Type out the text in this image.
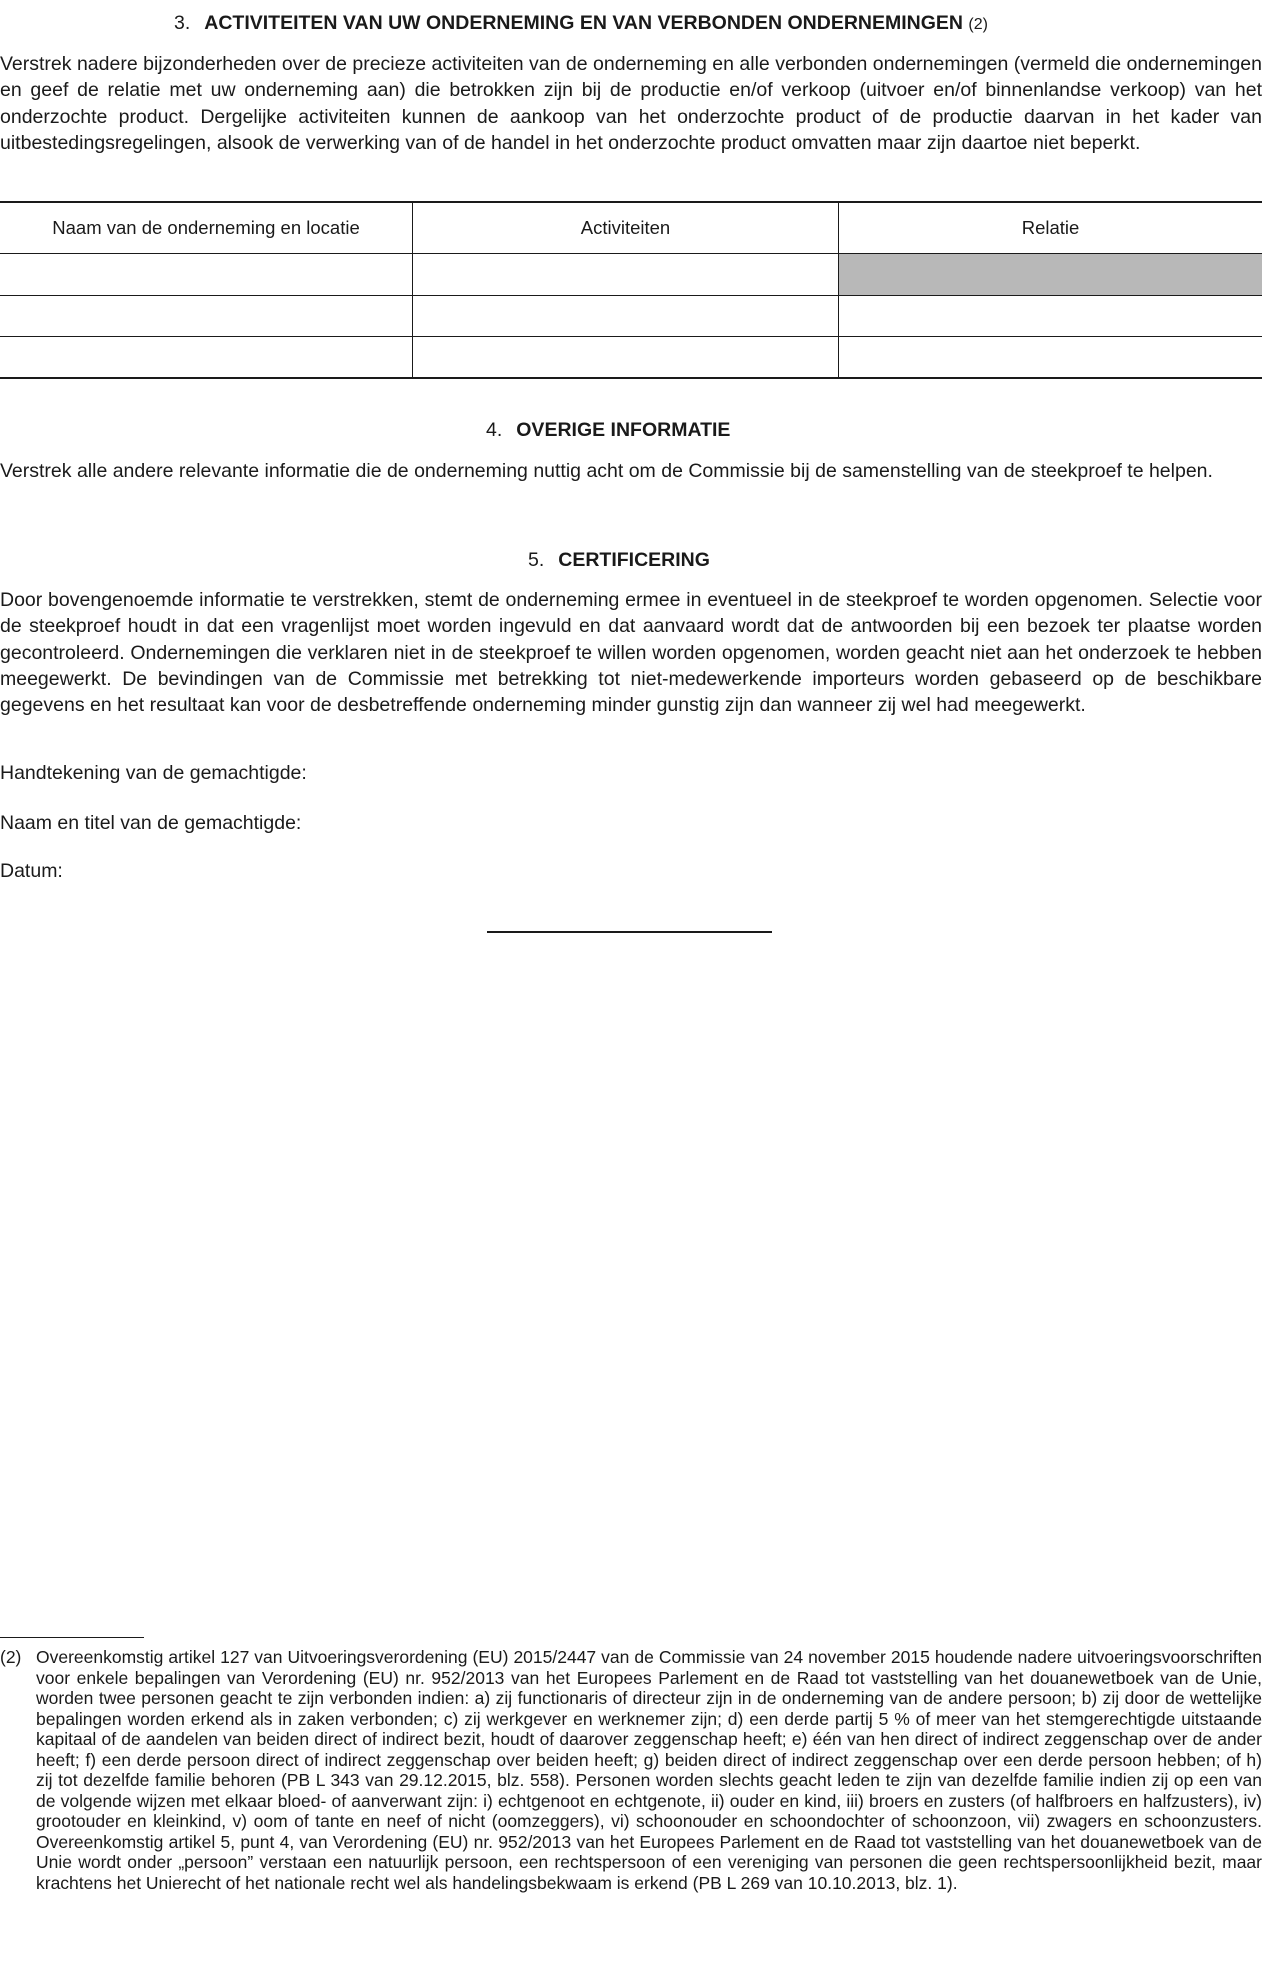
3. ACTIVITEITEN VAN UW ONDERNEMING EN VAN VERBONDEN ONDERNEMINGEN (2)

Verstrek nadere bijzonderheden over de precieze activiteiten van de onderneming en alle verbonden ondernemingen (vermeld die ondernemingen en geef de relatie met uw onderneming aan) die betrokken zijn bij de productie en/of verkoop (uitvoer en/of binnenlandse verkoop) van het onderzochte product. Dergelijke activiteiten kunnen de aankoop van het onderzochte product of de productie daarvan in het kader van uitbestedingsregelingen, alsook de verwerking van of de handel in het onderzochte product omvatten maar zijn daartoe niet beperkt.

Naam van de onderneming en locatie	Activiteiten	Relatie
4. OVERIGE INFORMATIE

Verstrek alle andere relevante informatie die de onderneming nuttig acht om de Commissie bij de samenstelling van de steekproef te helpen.

5. CERTIFICERING

Door bovengenoemde informatie te verstrekken, stemt de onderneming ermee in eventueel in de steekproef te worden opgenomen. Selectie voor de steekproef houdt in dat een vragenlijst moet worden ingevuld en dat aanvaard wordt dat de antwoorden bij een bezoek ter plaatse worden gecontroleerd. Ondernemingen die verklaren niet in de steekproef te willen worden opgenomen, worden geacht niet aan het onderzoek te hebben meegewerkt. De bevindingen van de Commissie met betrekking tot niet-medewerkende importeurs worden gebaseerd op de beschikbare gegevens en het resultaat kan voor de desbetreffende onderneming minder gunstig zijn dan wanneer zij wel had meegewerkt.

Handtekening van de gemachtigde:
Naam en titel van de gemachtigde:
Datum:
(2) Overeenkomstig artikel 127 van Uitvoeringsverordening (EU) 2015/2447 van de Commissie van 24 november 2015 houdende nadere uitvoeringsvoorschriften voor enkele bepalingen van Verordening (EU) nr. 952/2013 van het Europees Parlement en de Raad tot vaststelling van het douanewetboek van de Unie, worden twee personen geacht te zijn verbonden indien: a) zij functionaris of directeur zijn in de onderneming van de andere persoon; b) zij door de wettelijke bepalingen worden erkend als in zaken verbonden; c) zij werkgever en werknemer zijn; d) een derde partij 5 % of meer van het stemgerechtigde uitstaande kapitaal of de aandelen van beiden direct of indirect bezit, houdt of daarover zeggenschap heeft; e) één van hen direct of indirect zeggenschap over de ander heeft; f) een derde persoon direct of indirect zeggenschap over beiden heeft; g) beiden direct of indirect zeggenschap over een derde persoon hebben; of h) zij tot dezelfde familie behoren (PB L 343 van 29.12.2015, blz. 558). Personen worden slechts geacht leden te zijn van dezelfde familie indien zij op een van de volgende wijzen met elkaar bloed- of aanverwant zijn: i) echtgenoot en echtgenote, ii) ouder en kind, iii) broers en zusters (of halfbroers en halfzusters), iv) grootouder en kleinkind, v) oom of tante en neef of nicht (oomzeggers), vi) schoonouder en schoondochter of schoonzoon, vii) zwagers en schoonzusters. Overeenkomstig artikel 5, punt 4, van Verordening (EU) nr. 952/2013 van het Europees Parlement en de Raad tot vaststelling van het douanewetboek van de Unie wordt onder „persoon” verstaan een natuurlijk persoon, een rechtspersoon of een vereniging van personen die geen rechtspersoonlijkheid bezit, maar krachtens het Unierecht of het nationale recht wel als handelingsbekwaam is erkend (PB L 269 van 10.10.2013, blz. 1).
